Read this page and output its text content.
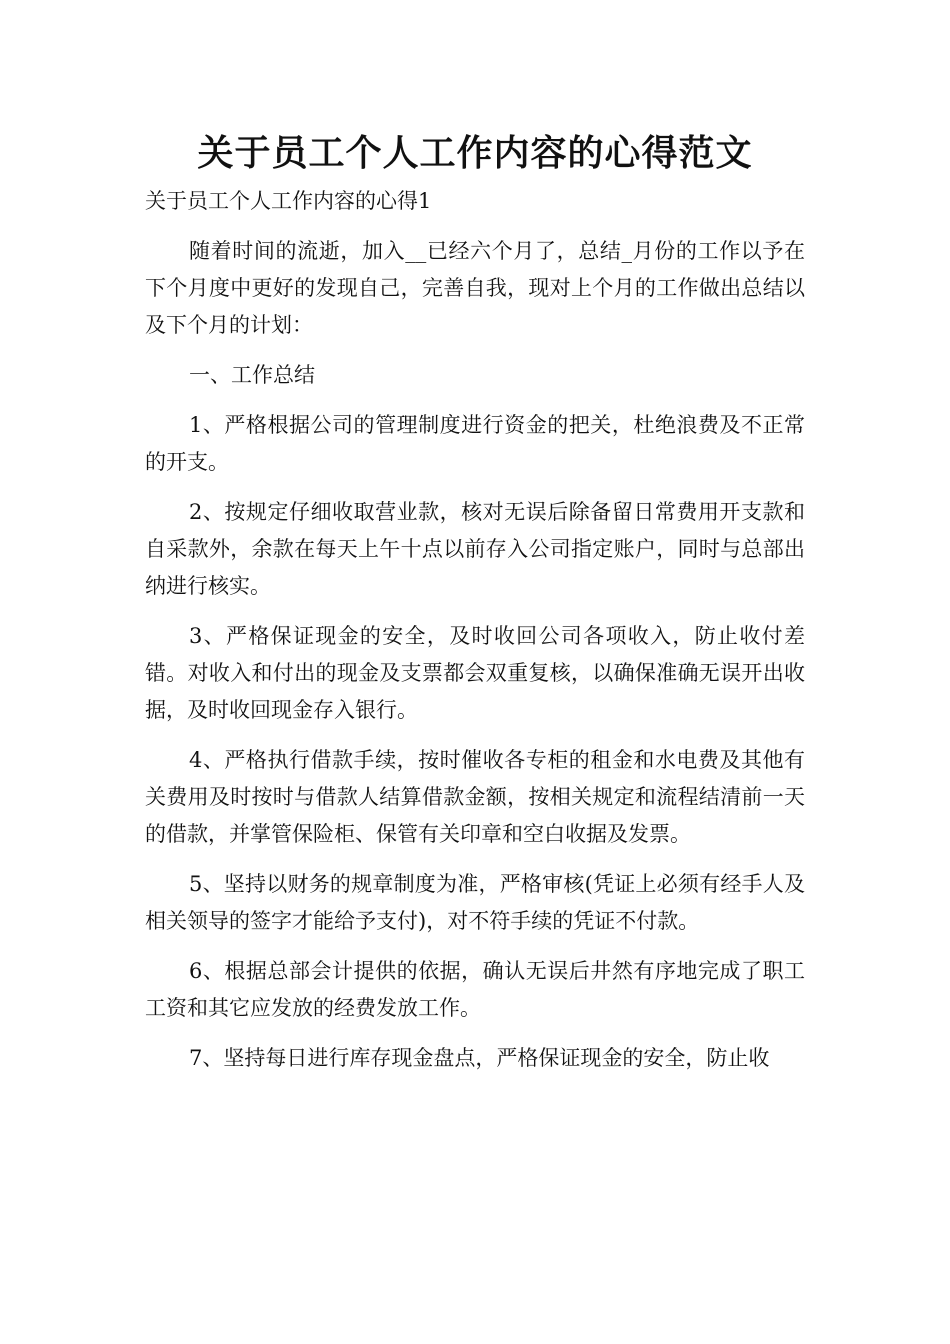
关于员工个人工作内容的心得范文

关于员工个人工作内容的心得1

随着时间的流逝，加入__已经六个月了，总结_月份的工作以予在下个月度中更好的发现自己，完善自我，现对上个月的工作做出总结以及下个月的计划：

一、工作总结

1、严格根据公司的管理制度进行资金的把关，杜绝浪费及不正常的开支。

2、按规定仔细收取营业款，核对无误后除备留日常费用开支款和自采款外，余款在每天上午十点以前存入公司指定账户，同时与总部出纳进行核实。

3、严格保证现金的安全，及时收回公司各项收入，防止收付差错。对收入和付出的现金及支票都会双重复核，以确保准确无误开出收据，及时收回现金存入银行。

4、严格执行借款手续，按时催收各专柜的租金和水电费及其他有关费用及时按时与借款人结算借款金额，按相关规定和流程结清前一天的借款，并掌管保险柜、保管有关印章和空白收据及发票。

5、坚持以财务的规章制度为准，严格审核(凭证上必须有经手人及相关领导的签字才能给予支付)，对不符手续的凭证不付款。

6、根据总部会计提供的依据，确认无误后井然有序地完成了职工工资和其它应发放的经费发放工作。

7、坚持每日进行库存现金盘点，严格保证现金的安全，防止收
